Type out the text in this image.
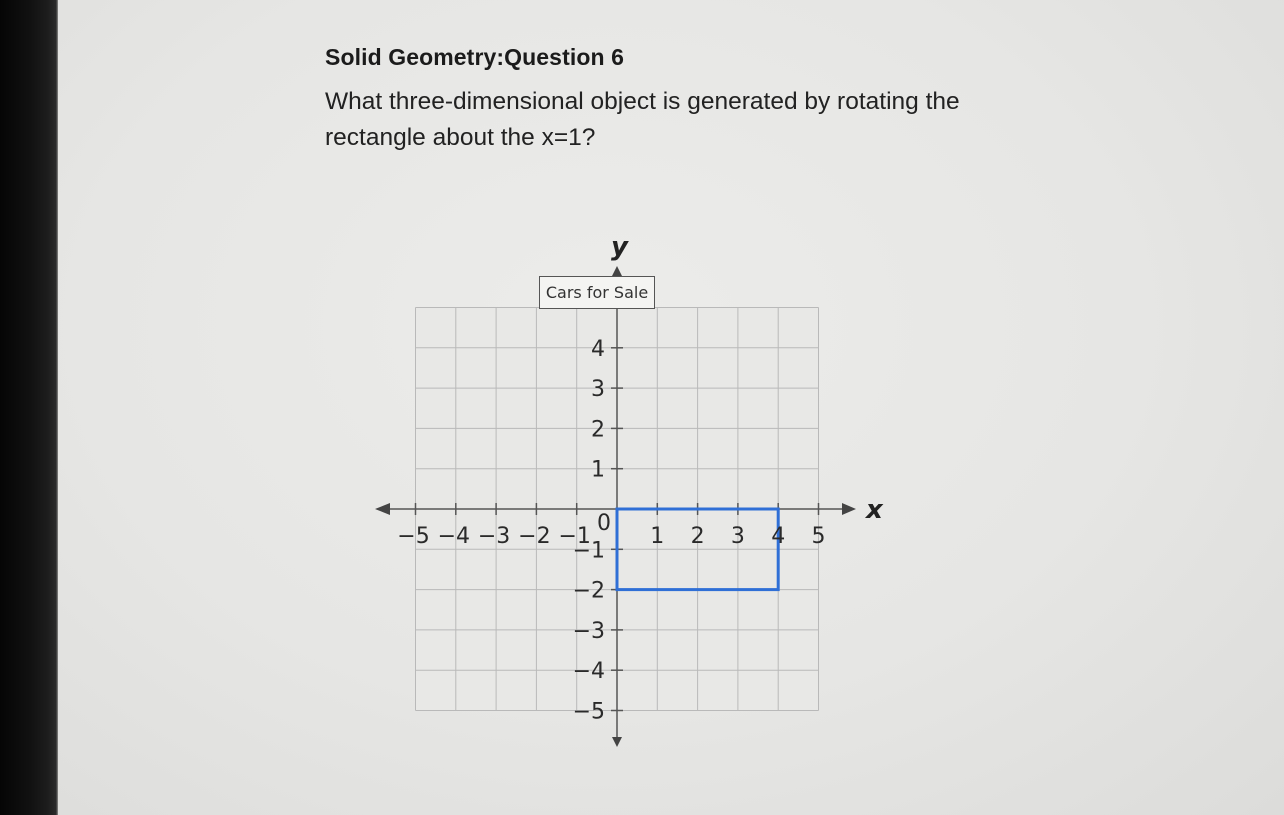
Solid Geometry:Question 6
What three-dimensional object is generated by rotating the rectangle about the x=1?
x
y
0
−5 −4 −3 −2 −1	1 2 3 4 5
4
3
2
1
−1
−2
−3
−4
−5
Cars for Sale
